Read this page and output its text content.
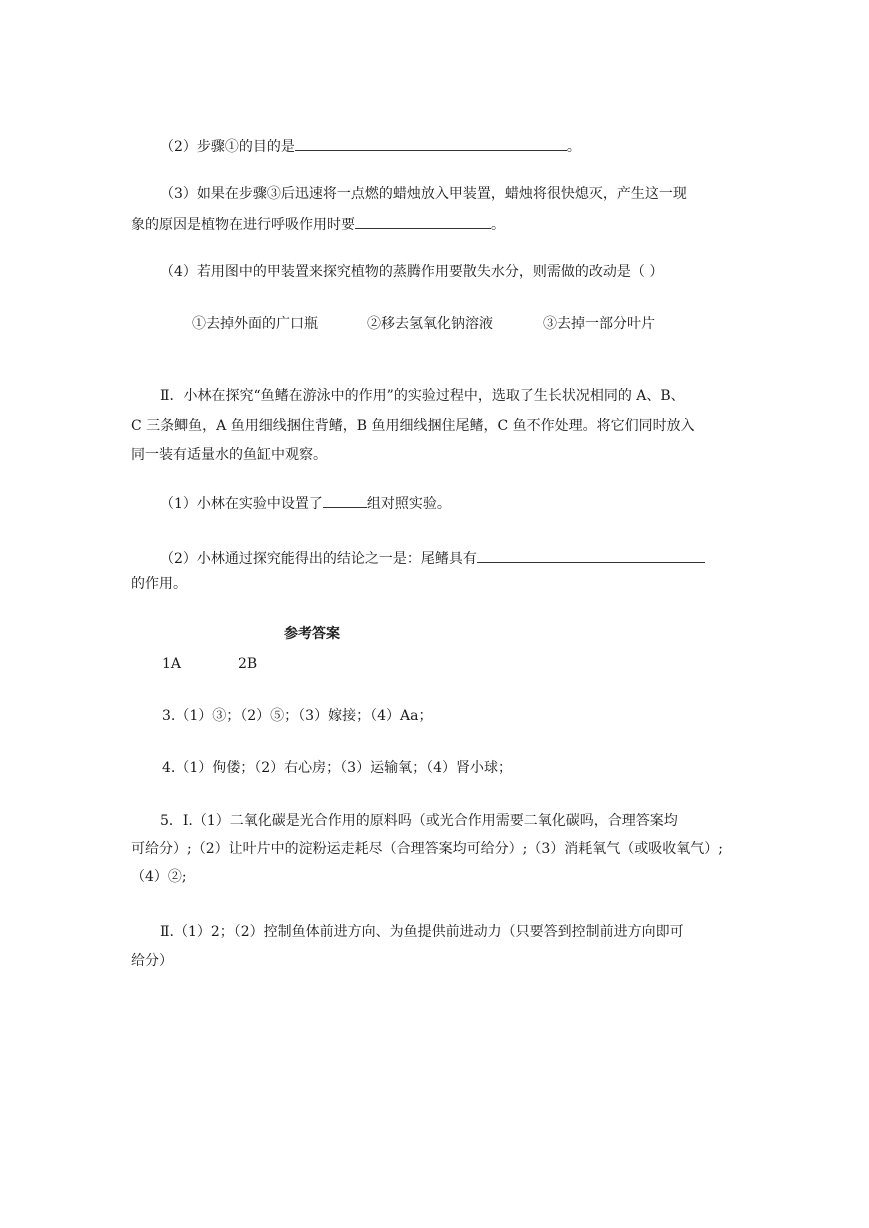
（2）步骤①的目的是	。
（3）如果在步骤③后迅速将一点燃的蜡烛放入甲装置，蜡烛将很快熄灭，产生这一现
象的原因是植物在进行呼吸作用时要	。
（4）若用图中的甲装置来探究植物的蒸腾作用要散失水分，则需做的改动是（ ）
①去掉外面的广口瓶	②移去氢氧化钠溶液	③去掉一部分叶片
Ⅱ．小林在探究“鱼鳍在游泳中的作用”的实验过程中，选取了生长状况相同的 A、B、
C 三条鲫鱼，A 鱼用细线捆住背鳍，B 鱼用细线捆住尾鳍，C 鱼不作处理。将它们同时放入
同一装有适量水的鱼缸中观察。
（1）小林在实验中设置了	组对照实验。
（2）小林通过探究能得出的结论之一是：尾鳍具有
的作用。
参考答案
1A	2B
3.（1）③；（2）⑤；（3）嫁接；（4）Aa；
4.（1）佝偻；（2）右心房；（3）运输氧；（4）肾小球；
5．Ⅰ.（1）二氧化碳是光合作用的原料吗（或光合作用需要二氧化碳吗，合理答案均
可给分）;（2）让叶片中的淀粉运走耗尽（合理答案均可给分）;（3）消耗氧气（或吸收氧气）;
（4）②;
Ⅱ.（1）2；（2）控制鱼体前进方向、为鱼提供前进动力（只要答到控制前进方向即可
给分）
